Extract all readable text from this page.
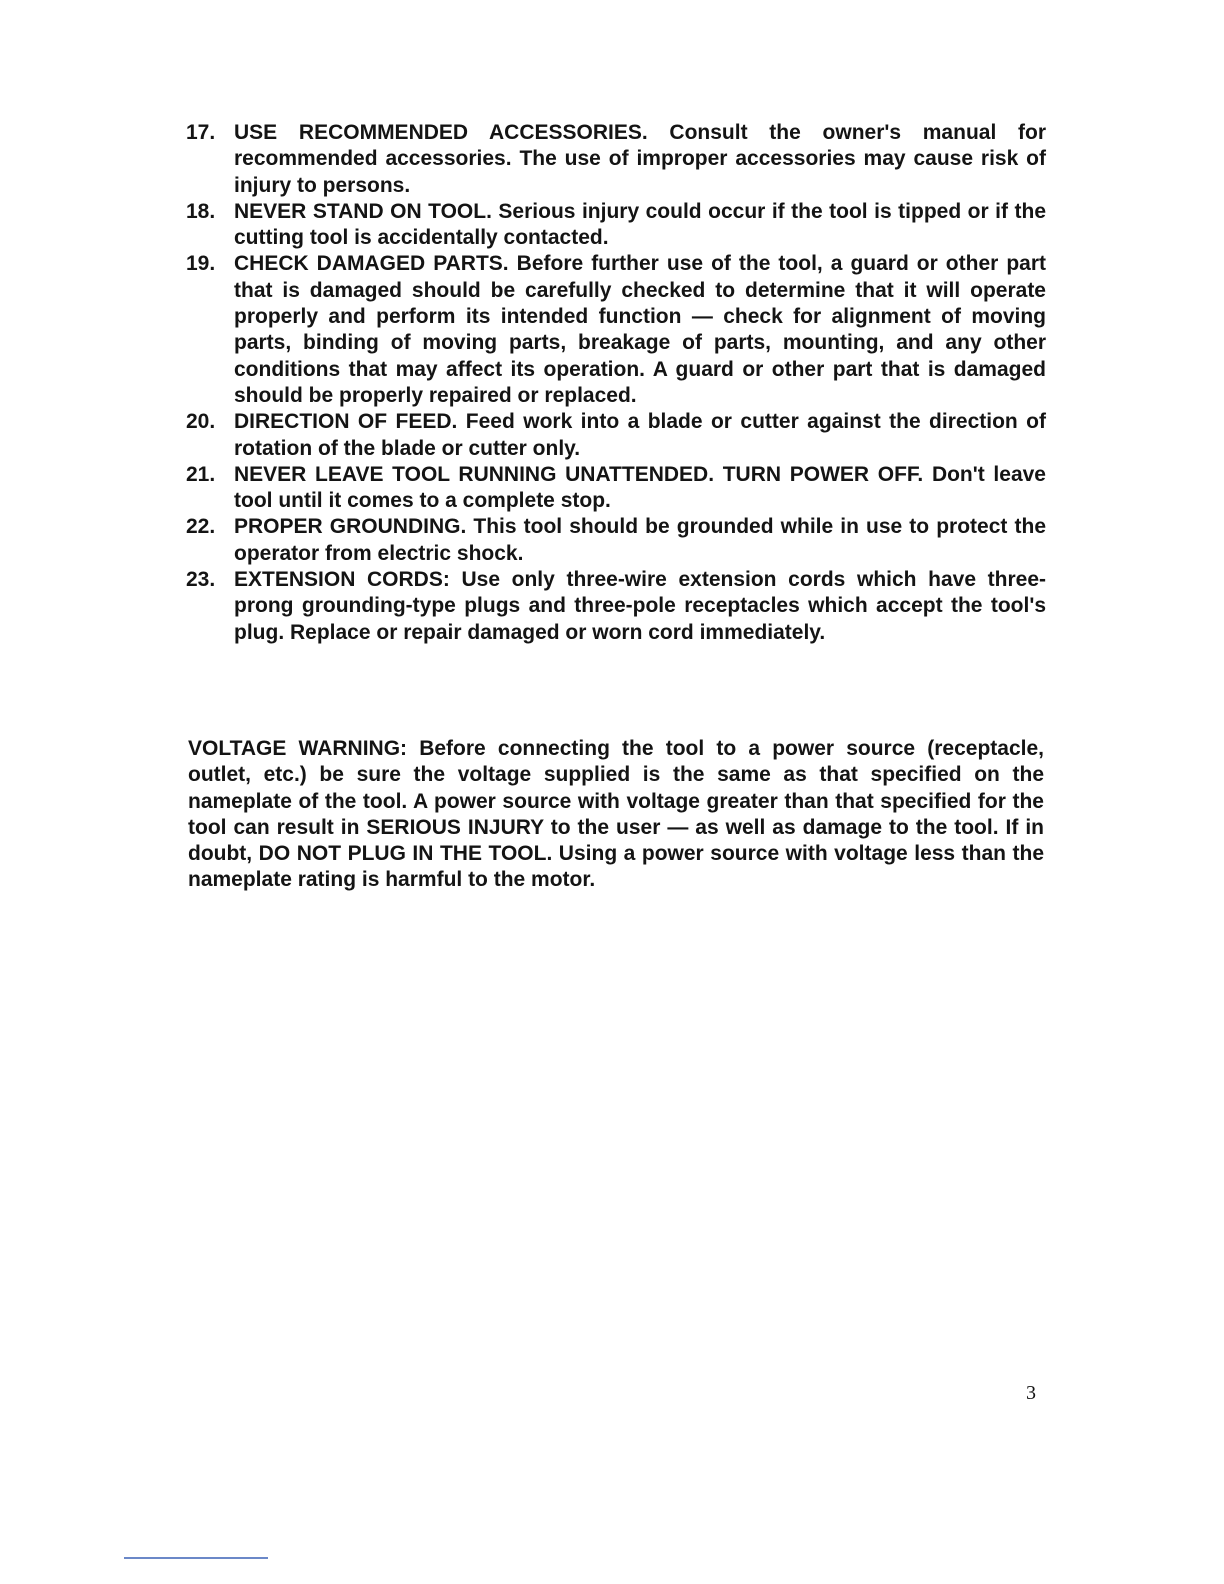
17. USE RECOMMENDED ACCESSORIES. Consult the owner's manual for recommended accessories. The use of improper accessories may cause risk of injury to persons.
18. NEVER STAND ON TOOL. Serious injury could occur if the tool is tipped or if the cutting tool is accidentally contacted.
19. CHECK DAMAGED PARTS. Before further use of the tool, a guard or other part that is damaged should be carefully checked to determine that it will operate properly and perform its intended function — check for alignment of moving parts, binding of moving parts, breakage of parts, mounting, and any other conditions that may affect its operation. A guard or other part that is damaged should be properly repaired or replaced.
20. DIRECTION OF FEED. Feed work into a blade or cutter against the direction of rotation of the blade or cutter only.
21. NEVER LEAVE TOOL RUNNING UNATTENDED. TURN POWER OFF. Don't leave tool until it comes to a complete stop.
22. PROPER GROUNDING. This tool should be grounded while in use to protect the operator from electric shock.
23. EXTENSION CORDS: Use only three-wire extension cords which have three-prong grounding-type plugs and three-pole receptacles which accept the tool's plug. Replace or repair damaged or worn cord immediately.

VOLTAGE WARNING: Before connecting the tool to a power source (receptacle, outlet, etc.) be sure the voltage supplied is the same as that specified on the nameplate of the tool. A power source with voltage greater than that specified for the tool can result in SERIOUS INJURY to the user — as well as damage to the tool. If in doubt, DO NOT PLUG IN THE TOOL. Using a power source with voltage less than the nameplate rating is harmful to the motor.

3
